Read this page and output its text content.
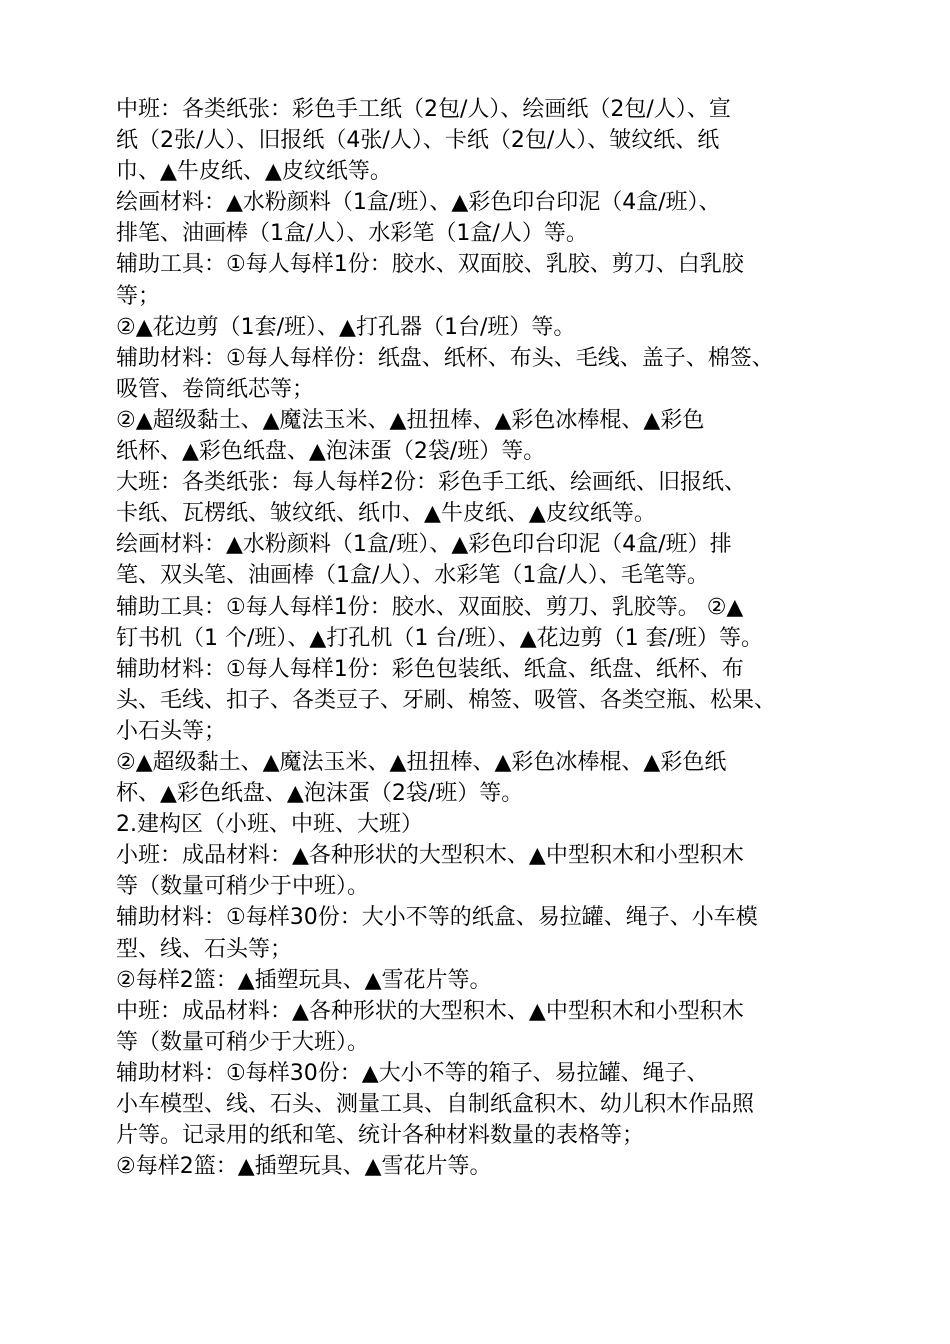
中班：各类纸张：彩色手工纸（2包/人）、绘画纸（2包/人）、宣
纸（2张/人）、旧报纸（4张/人）、卡纸（2包/人）、皱纹纸、纸
巾、▲牛皮纸、▲皮纹纸等。
绘画材料：▲水粉颜料（1盒/班）、▲彩色印台印泥（4盒/班）、
排笔、油画棒（1盒/人）、水彩笔（1盒/人）等。
辅助工具：①每人每样1份：胶水、双面胶、乳胶、剪刀、白乳胶
等；
②▲花边剪（1套/班）、▲打孔器（1台/班）等。
辅助材料：①每人每样份：纸盘、纸杯、布头、毛线、盖子、棉签、
吸管、卷筒纸芯等；
②▲超级黏土、▲魔法玉米、▲扭扭棒、▲彩色冰棒棍、▲彩色
纸杯、▲彩色纸盘、▲泡沫蛋（2袋/班）等。
大班：各类纸张：每人每样2份：彩色手工纸、绘画纸、旧报纸、
卡纸、瓦楞纸、皱纹纸、纸巾、▲牛皮纸、▲皮纹纸等。
绘画材料：▲水粉颜料（1盒/班）、▲彩色印台印泥（4盒/班）排
笔、双头笔、油画棒（1盒/人）、水彩笔（1盒/人）、毛笔等。
辅助工具：①每人每样1份：胶水、双面胶、剪刀、乳胶等。 ②▲
钉书机（1 个/班）、▲打孔机（1 台/班）、▲花边剪（1 套/班）等。
辅助材料：①每人每样1份：彩色包装纸、纸盒、纸盘、纸杯、布
头、毛线、扣子、各类豆子、牙刷、棉签、吸管、各类空瓶、松果、
小石头等；
②▲超级黏土、▲魔法玉米、▲扭扭棒、▲彩色冰棒棍、▲彩色纸
杯、▲彩色纸盘、▲泡沫蛋（2袋/班）等。
2.建构区（小班、中班、大班）
小班：成品材料：▲各种形状的大型积木、▲中型积木和小型积木
等（数量可稍少于中班）。
辅助材料：①每样30份：大小不等的纸盒、易拉罐、绳子、小车模
型、线、石头等；
②每样2篮：▲插塑玩具、▲雪花片等。
中班：成品材料：▲各种形状的大型积木、▲中型积木和小型积木
等（数量可稍少于大班）。
辅助材料：①每样30份：▲大小不等的箱子、易拉罐、绳子、
小车模型、线、石头、测量工具、自制纸盒积木、幼儿积木作品照
片等。记录用的纸和笔、统计各种材料数量的表格等；
②每样2篮：▲插塑玩具、▲雪花片等。
